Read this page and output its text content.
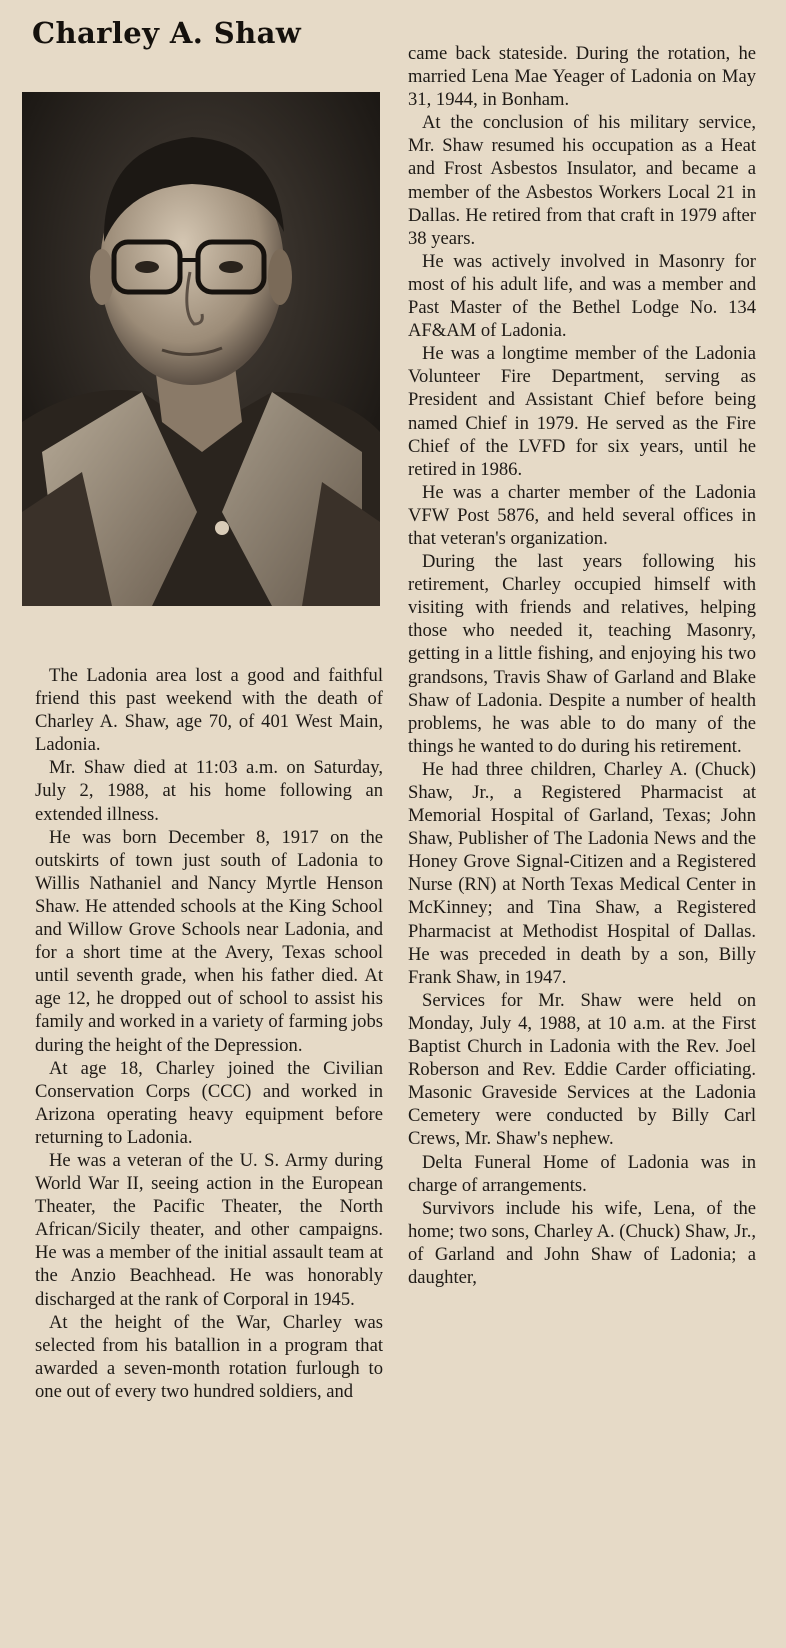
Charley A. Shaw

The Ladonia area lost a good and faithful friend this past weekend with the death of Charley A. Shaw, age 70, of 401 West Main, Ladonia.

Mr. Shaw died at 11:03 a.m. on Saturday, July 2, 1988, at his home following an extended illness.

He was born December 8, 1917 on the outskirts of town just south of Ladonia to Willis Nathaniel and Nancy Myrtle Henson Shaw. He attended schools at the King School and Willow Grove Schools near Ladonia, and for a short time at the Avery, Texas school until seventh grade, when his father died. At age 12, he dropped out of school to assist his family and worked in a variety of farming jobs during the height of the Depression.

At age 18, Charley joined the Civilian Conservation Corps (CCC) and worked in Arizona operating heavy equipment before returning to Ladonia.

He was a veteran of the U. S. Army during World War II, seeing action in the European Theater, the Pacific Theater, the North African/Sicily theater, and other campaigns. He was a member of the initial assault team at the Anzio Beachhead. He was honorably discharged at the rank of Corporal in 1945.

At the height of the War, Charley was selected from his batallion in a program that awarded a seven-month rotation furlough to one out of every two hundred soldiers, and

came back stateside. During the rotation, he married Lena Mae Yeager of Ladonia on May 31, 1944, in Bonham.

At the conclusion of his military service, Mr. Shaw resumed his occupation as a Heat and Frost Asbestos Insulator, and became a member of the Asbestos Workers Local 21 in Dallas. He retired from that craft in 1979 after 38 years.

He was actively involved in Masonry for most of his adult life, and was a member and Past Master of the Bethel Lodge No. 134 AF&AM of Ladonia.

He was a longtime member of the Ladonia Volunteer Fire Department, serving as President and Assistant Chief before being named Chief in 1979. He served as the Fire Chief of the LVFD for six years, until he retired in 1986.

He was a charter member of the Ladonia VFW Post 5876, and held several offices in that veteran's organization.

During the last years following his retirement, Charley occupied himself with visiting with friends and relatives, helping those who needed it, teaching Masonry, getting in a little fishing, and enjoying his two grandsons, Travis Shaw of Garland and Blake Shaw of Ladonia. Despite a number of health problems, he was able to do many of the things he wanted to do during his retirement.

He had three children, Charley A. (Chuck) Shaw, Jr., a Registered Pharmacist at Memorial Hospital of Garland, Texas; John Shaw, Publisher of The Ladonia News and the Honey Grove Signal-Citizen and a Registered Nurse (RN) at North Texas Medical Center in McKinney; and Tina Shaw, a Registered Pharmacist at Methodist Hospital of Dallas. He was preceded in death by a son, Billy Frank Shaw, in 1947.

Services for Mr. Shaw were held on Monday, July 4, 1988, at 10 a.m. at the First Baptist Church in Ladonia with the Rev. Joel Roberson and Rev. Eddie Carder officiating. Masonic Graveside Services at the Ladonia Cemetery were conducted by Billy Carl Crews, Mr. Shaw's nephew.

Delta Funeral Home of Ladonia was in charge of arrangements.

Survivors include his wife, Lena, of the home; two sons, Charley A. (Chuck) Shaw, Jr., of Garland and John Shaw of Ladonia; a daughter,
